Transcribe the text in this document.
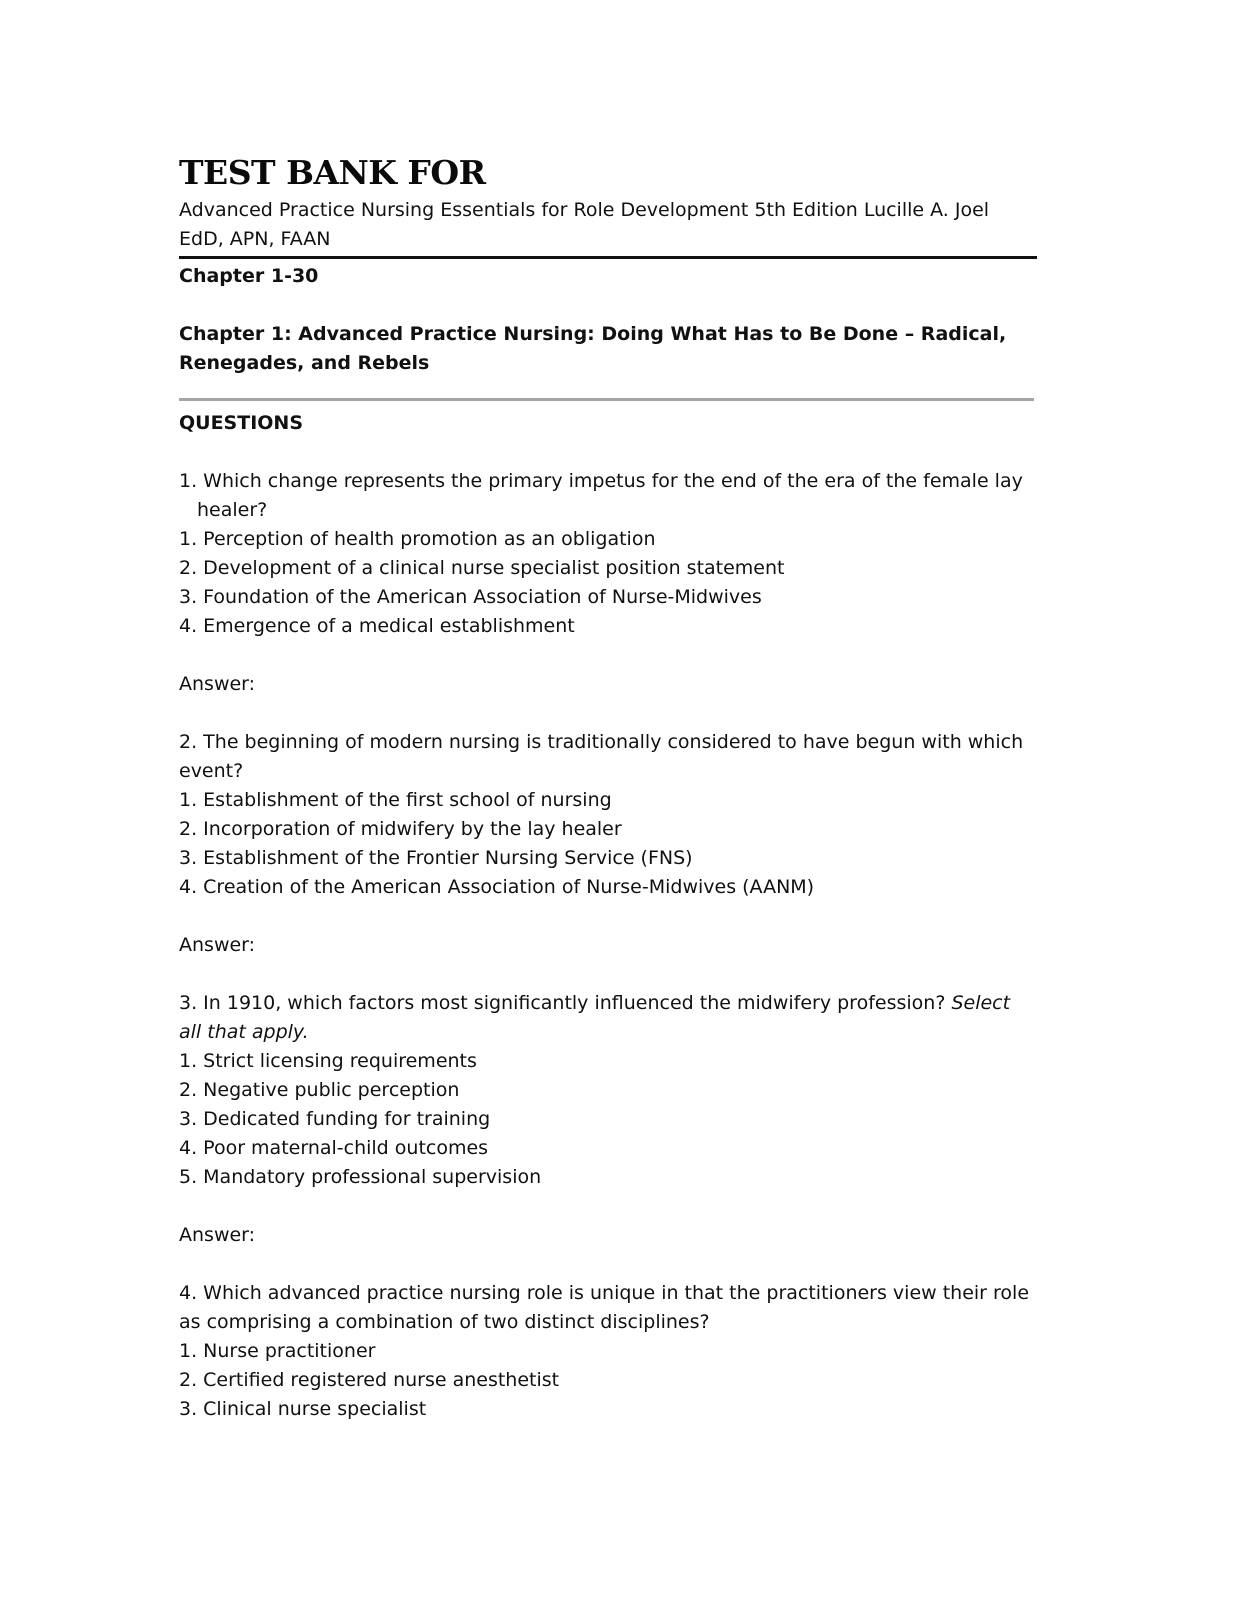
TEST BANK FOR

Advanced Practice Nursing Essentials for Role Development 5th Edition Lucille A. Joel EdD, APN, FAAN

Chapter 1-30

Chapter 1: Advanced Practice Nursing: Doing What Has to Be Done – Radical, Renegades, and Rebels

QUESTIONS

1. Which change represents the primary impetus for the end of the era of the female lay healer?

1. Perception of health promotion as an obligation

2. Development of a clinical nurse specialist position statement

3. Foundation of the American Association of Nurse-Midwives

4. Emergence of a medical establishment

Answer:

2. The beginning of modern nursing is traditionally considered to have begun with which event?

1. Establishment of the first school of nursing

2. Incorporation of midwifery by the lay healer

3. Establishment of the Frontier Nursing Service (FNS)

4. Creation of the American Association of Nurse-Midwives (AANM)

Answer:

3. In 1910, which factors most significantly influenced the midwifery profession? Select all that apply.

1. Strict licensing requirements

2. Negative public perception

3. Dedicated funding for training

4. Poor maternal-child outcomes

5. Mandatory professional supervision

Answer:

4. Which advanced practice nursing role is unique in that the practitioners view their role as comprising a combination of two distinct disciplines?

1. Nurse practitioner

2. Certified registered nurse anesthetist

3. Clinical nurse specialist
